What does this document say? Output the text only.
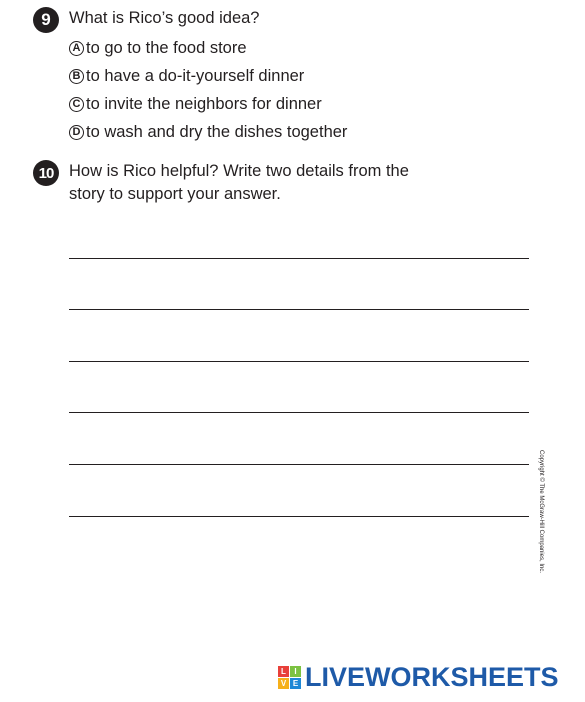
9	What is Rico’s good idea?
A to go to the food store
B to have a do-it-yourself dinner
C to invite the neighbors for dinner
D to wash and dry the dishes together
10 How is Rico helpful? Write two details from the
story to support your answer.
Copyright © The McGraw-Hill Companies, Inc.
L	I
V E LIVEWORKSHEETS
